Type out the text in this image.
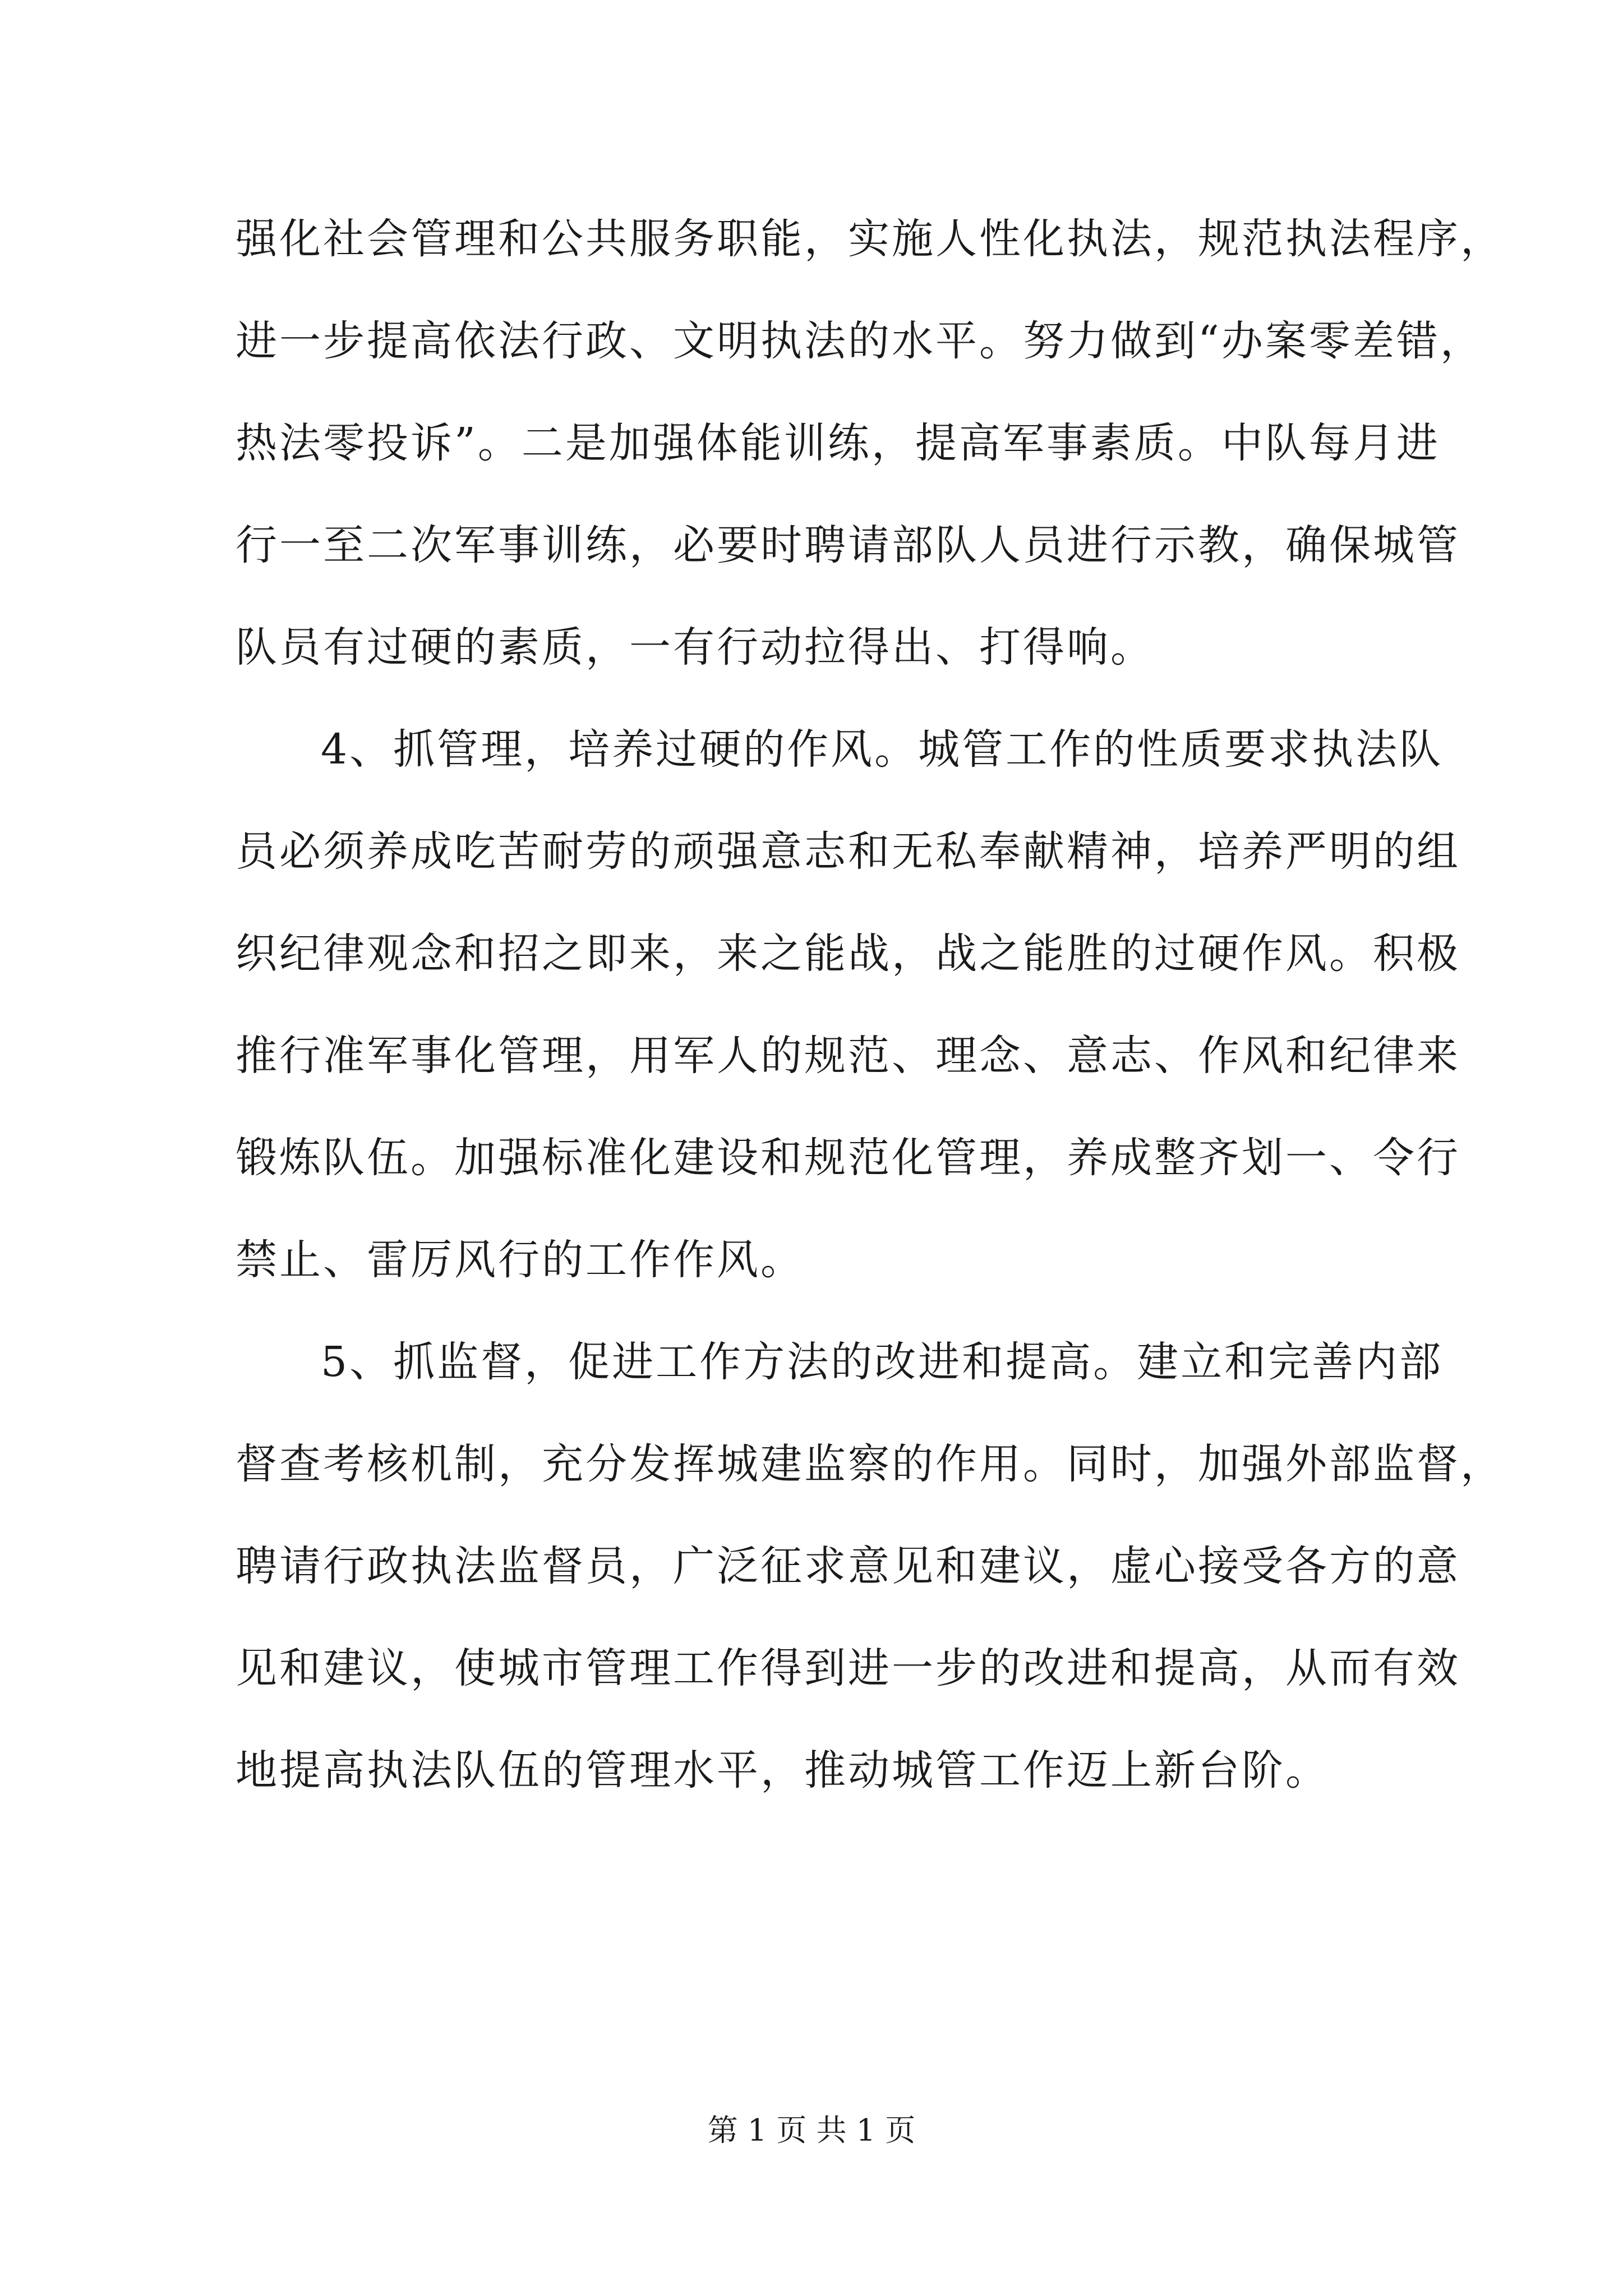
强化社会管理和公共服务职能，实施人性化执法，规范执法程序，
进一步提高依法行政、文明执法的水平。努力做到“办案零差错，
热法零投诉”。二是加强体能训练，提高军事素质。中队每月进
行一至二次军事训练，必要时聘请部队人员进行示教，确保城管
队员有过硬的素质，一有行动拉得出、打得响。
4、抓管理，培养过硬的作风。城管工作的性质要求执法队
员必须养成吃苦耐劳的顽强意志和无私奉献精神，培养严明的组
织纪律观念和招之即来，来之能战，战之能胜的过硬作风。积极
推行准军事化管理，用军人的规范、理念、意志、作风和纪律来
锻炼队伍。加强标准化建设和规范化管理，养成整齐划一、令行
禁止、雷厉风行的工作作风。
5、抓监督，促进工作方法的改进和提高。建立和完善内部
督查考核机制，充分发挥城建监察的作用。同时，加强外部监督，
聘请行政执法监督员，广泛征求意见和建议，虚心接受各方的意
见和建议，使城市管理工作得到进一步的改进和提高，从而有效
地提高执法队伍的管理水平，推动城管工作迈上新台阶。
第 1 页 共 1 页
